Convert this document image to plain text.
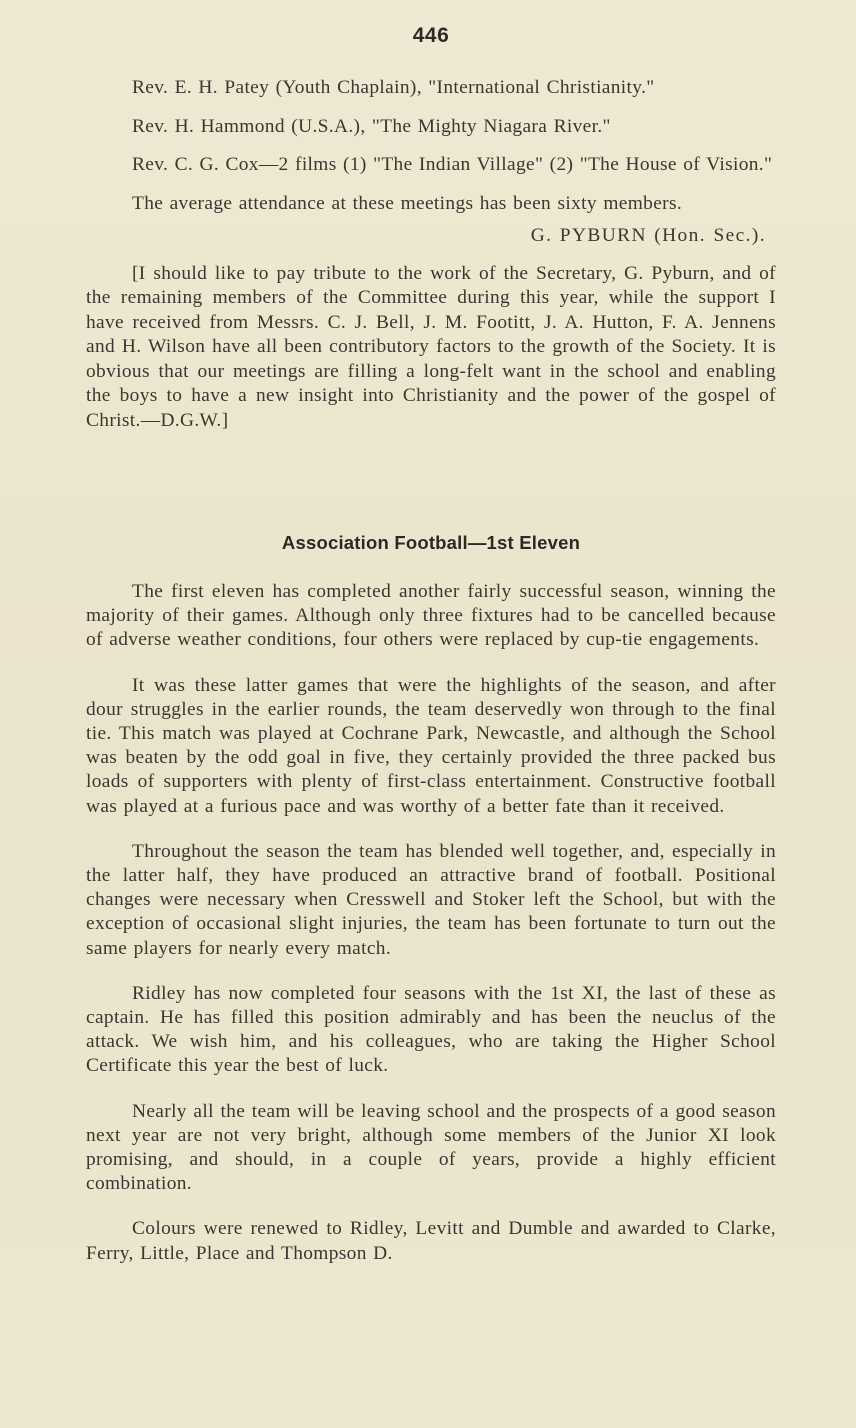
446

Rev. E. H. Patey (Youth Chaplain), "International Christianity."

Rev. H. Hammond (U.S.A.), "The Mighty Niagara River."

Rev. C. G. Cox—2 films (1) "The Indian Village" (2) "The House of Vision."

The average attendance at these meetings has been sixty members.

G. PYBURN (Hon. Sec.).

[I should like to pay tribute to the work of the Secretary, G. Pyburn, and of the remaining members of the Committee during this year, while the support I have received from Messrs. C. J. Bell, J. M. Footitt, J. A. Hutton, F. A. Jennens and H. Wilson have all been contributory factors to the growth of the Society. It is obvious that our meetings are filling a long-felt want in the school and enabling the boys to have a new insight into Christianity and the power of the gospel of Christ.—D.G.W.]

Association Football—1st Eleven

The first eleven has completed another fairly successful season, winning the majority of their games. Although only three fixtures had to be cancelled because of adverse weather conditions, four others were replaced by cup-tie engagements.

It was these latter games that were the highlights of the season, and after dour struggles in the earlier rounds, the team deservedly won through to the final tie. This match was played at Cochrane Park, Newcastle, and although the School was beaten by the odd goal in five, they certainly provided the three packed bus loads of supporters with plenty of first-class entertainment. Constructive football was played at a furious pace and was worthy of a better fate than it received.

Throughout the season the team has blended well together, and, especially in the latter half, they have produced an attractive brand of football. Positional changes were necessary when Cresswell and Stoker left the School, but with the exception of occasional slight injuries, the team has been fortunate to turn out the same players for nearly every match.

Ridley has now completed four seasons with the 1st XI, the last of these as captain. He has filled this position admirably and has been the neuclus of the attack. We wish him, and his colleagues, who are taking the Higher School Certificate this year the best of luck.

Nearly all the team will be leaving school and the prospects of a good season next year are not very bright, although some members of the Junior XI look promising, and should, in a couple of years, provide a highly efficient combination.

Colours were renewed to Ridley, Levitt and Dumble and awarded to Clarke, Ferry, Little, Place and Thompson D.
